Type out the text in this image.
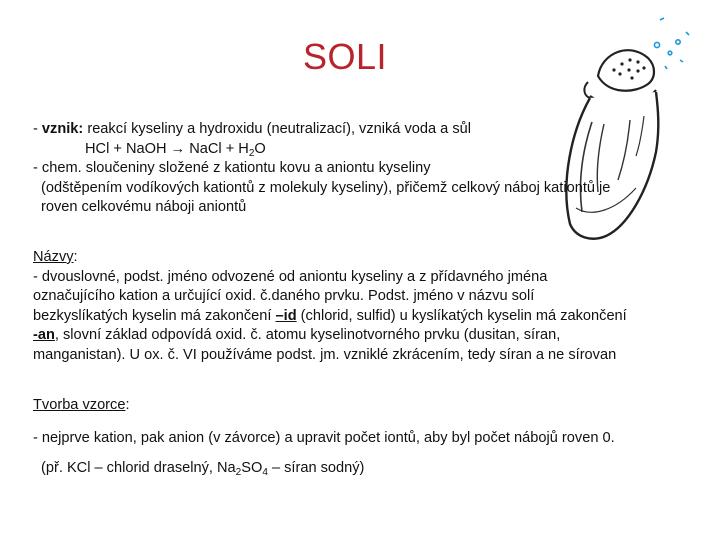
SOLI

- vznik: reakcí kyseliny a hydroxidu (neutralizací), vzniká voda a sůl

HCl + NaOH → NaCl + $H_2O$

- chem. sloučeniny složené z kationtu kovu a aniontu kyseliny

(odštěpením vodíkových kationtů z molekuly kyseliny), přičemž celkový náboj kationtů je

roven celkovému náboji aniontů

Názvy:

- dvouslovné, podst. jméno odvozené od aniontu kyseliny a z přídavného jména

označujícího kation a určující oxid. č.daného prvku. Podst. jméno v názvu solí

bezkyslíkatých kyselin má zakončení –id (chlorid, sulfid) u kyslíkatých kyselin má zakončení

-an, slovní základ odpovídá oxid. č. atomu kyselinotvorného prvku (dusitan, síran,

manganistan). U ox. č. VI používáme podst. jm. vzniklé zkrácením, tedy síran a ne sírovan

Tvorba vzorce:

- nejprve kation, pak anion (v závorce) a upravit počet iontů, aby byl počet nábojů roven 0.

(př. KCl – chlorid draselný, $Na_2SO_4$ – síran sodný)
